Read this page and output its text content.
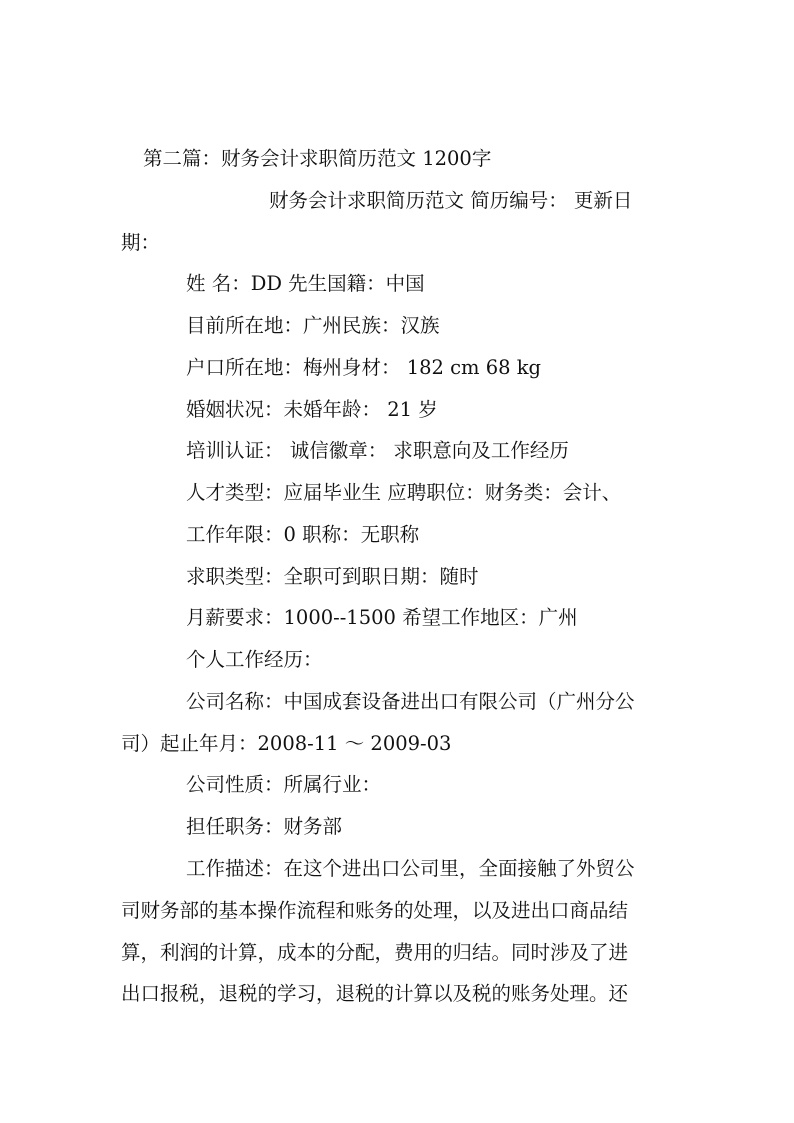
第二篇：财务会计求职简历范文 1200字
财务会计求职简历范文 简历编号： 更新日
期：
姓 名：DD 先生国籍：中国
目前所在地：广州民族：汉族
户口所在地：梅州身材： 182 cm 68 kg
婚姻状况：未婚年龄： 21 岁
培训认证： 诚信徽章： 求职意向及工作经历
人才类型：应届毕业生 应聘职位：财务类：会计、
工作年限：0 职称：无职称
求职类型：全职可到职日期：随时
月薪要求：1000--1500 希望工作地区：广州
个人工作经历：
公司名称：中国成套设备进出口有限公司（广州分公
司）起止年月：2008-11 ～ 2009-03
公司性质：所属行业：
担任职务：财务部
工作描述：在这个进出口公司里，全面接触了外贸公
司财务部的基本操作流程和账务的处理，以及进出口商品结
算，利润的计算，成本的分配，费用的归结。同时涉及了进
出口报税，退税的学习，退税的计算以及税的账务处理。还
